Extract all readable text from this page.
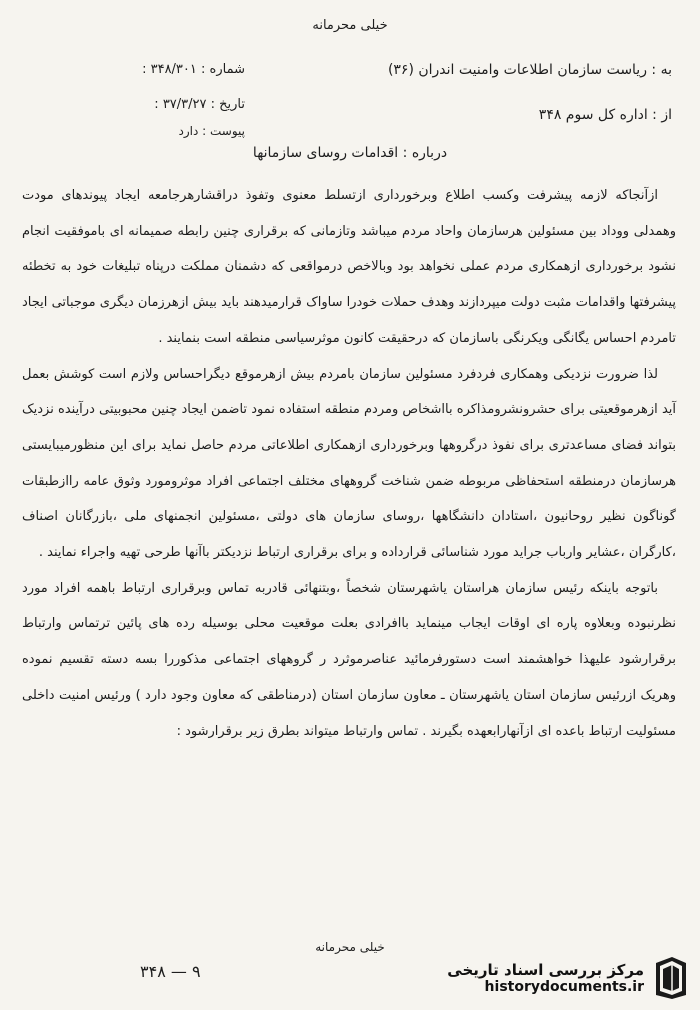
خیلی محرمانه
به : ریاست سازمان اطلاعات وامنیت اندران (۳۶)
از : اداره کل سوم ۳۴۸
شماره : ۳۴۸/۳۰۱ :
تاریخ : ۳۷/۳/۲۷ :
پیوست : دارد
درباره : اقدامات روسای سازمانها

ازآنجاکه لازمه پیشرفت وکسب اطلاع وبرخورداری ازتسلط معنوی وتفوذ دراقشارهرجامعه ایجاد پیوندهای مودت وهمدلی ووداد بین مسئولین هرسازمان واحاد مردم میباشد وتازمانی که برقراری چنین رابطه صمیمانه ای باموفقیت انجام نشود برخورداری ازهمکاری مردم عملی نخواهد بود وبالاخص درمواقعی که دشمنان مملکت درپناه تبلیغات خود به تخطئه پیشرفتها واقدامات مثبت دولت میپردازند وهدف حملات خودرا ساواک قرارمیدهند باید بیش ازهرزمان دیگری موجباتی ایجاد تامردم احساس یگانگی ویکرنگی باسازمان که درحقیقت کانون موثرسیاسی منطقه است بنمایند .

لذا ضرورت نزدیکی وهمکاری فردفرد مسئولین سازمان بامردم بیش ازهرموقع دیگراحساس ولازم است کوشش بعمل آید ازهرموقعیتی برای حشرونشرومذاکره بااشخاص ومردم منطقه استفاده نمود تاضمن ایجاد چنین محبوبیتی درآینده نزدیک بتواند فضای مساعدتری برای نفوذ درگروهها وبرخورداری ازهمکاری اطلاعاتی مردم حاصل نماید برای این منظورمیبایستی هرسازمان درمنطقه استحفاظی مربوطه ضمن شناخت گروههای مختلف اجتماعی افراد موثرومورد وثوق عامه راازطبقات گوناگون نظیر روحانیون ،استادان دانشگاهها ،روسای سازمان های دولتی ،مسئولین انجمنهای ملی ،بازرگانان اصناف ،کارگران ،عشایر وارباب جراید مورد شناسائی قرارداده و برای برقراری ارتباط نزدیکتر باآنها طرحی تهیه واجراء نمایند .

باتوجه باینکه رئیس سازمان هراستان یاشهرستان شخصاً ،وبتنهائی قادربه تماس وبرقراری ارتباط باهمه افراد مورد نظرنبوده وبعلاوه پاره ای اوقات ایجاب مینماید باافرادی بعلت موقعیت محلی بوسیله رده های پائین ترتماس وارتباط برقرارشود علیهذا خواهشمند است دستورفرمائید عناصرموثرد ر گروههای اجتماعی مذکوررا بسه دسته تقسیم نموده وهریک ازرئیس سازمان استان یاشهرستان ـ معاون سازمان استان (درمناطقی که معاون وجود دارد ) ورئیس امنیت داخلی مسئولیت ارتباط باعده ای ازآنهارابعهده بگیرند . تماس وارتباط میتواند بطرق زیر برقرارشود :

خیلی محرمانه
۳۴۸ — ۹	مرکز بررسی اسناد تاریخی
historydocuments.ir
